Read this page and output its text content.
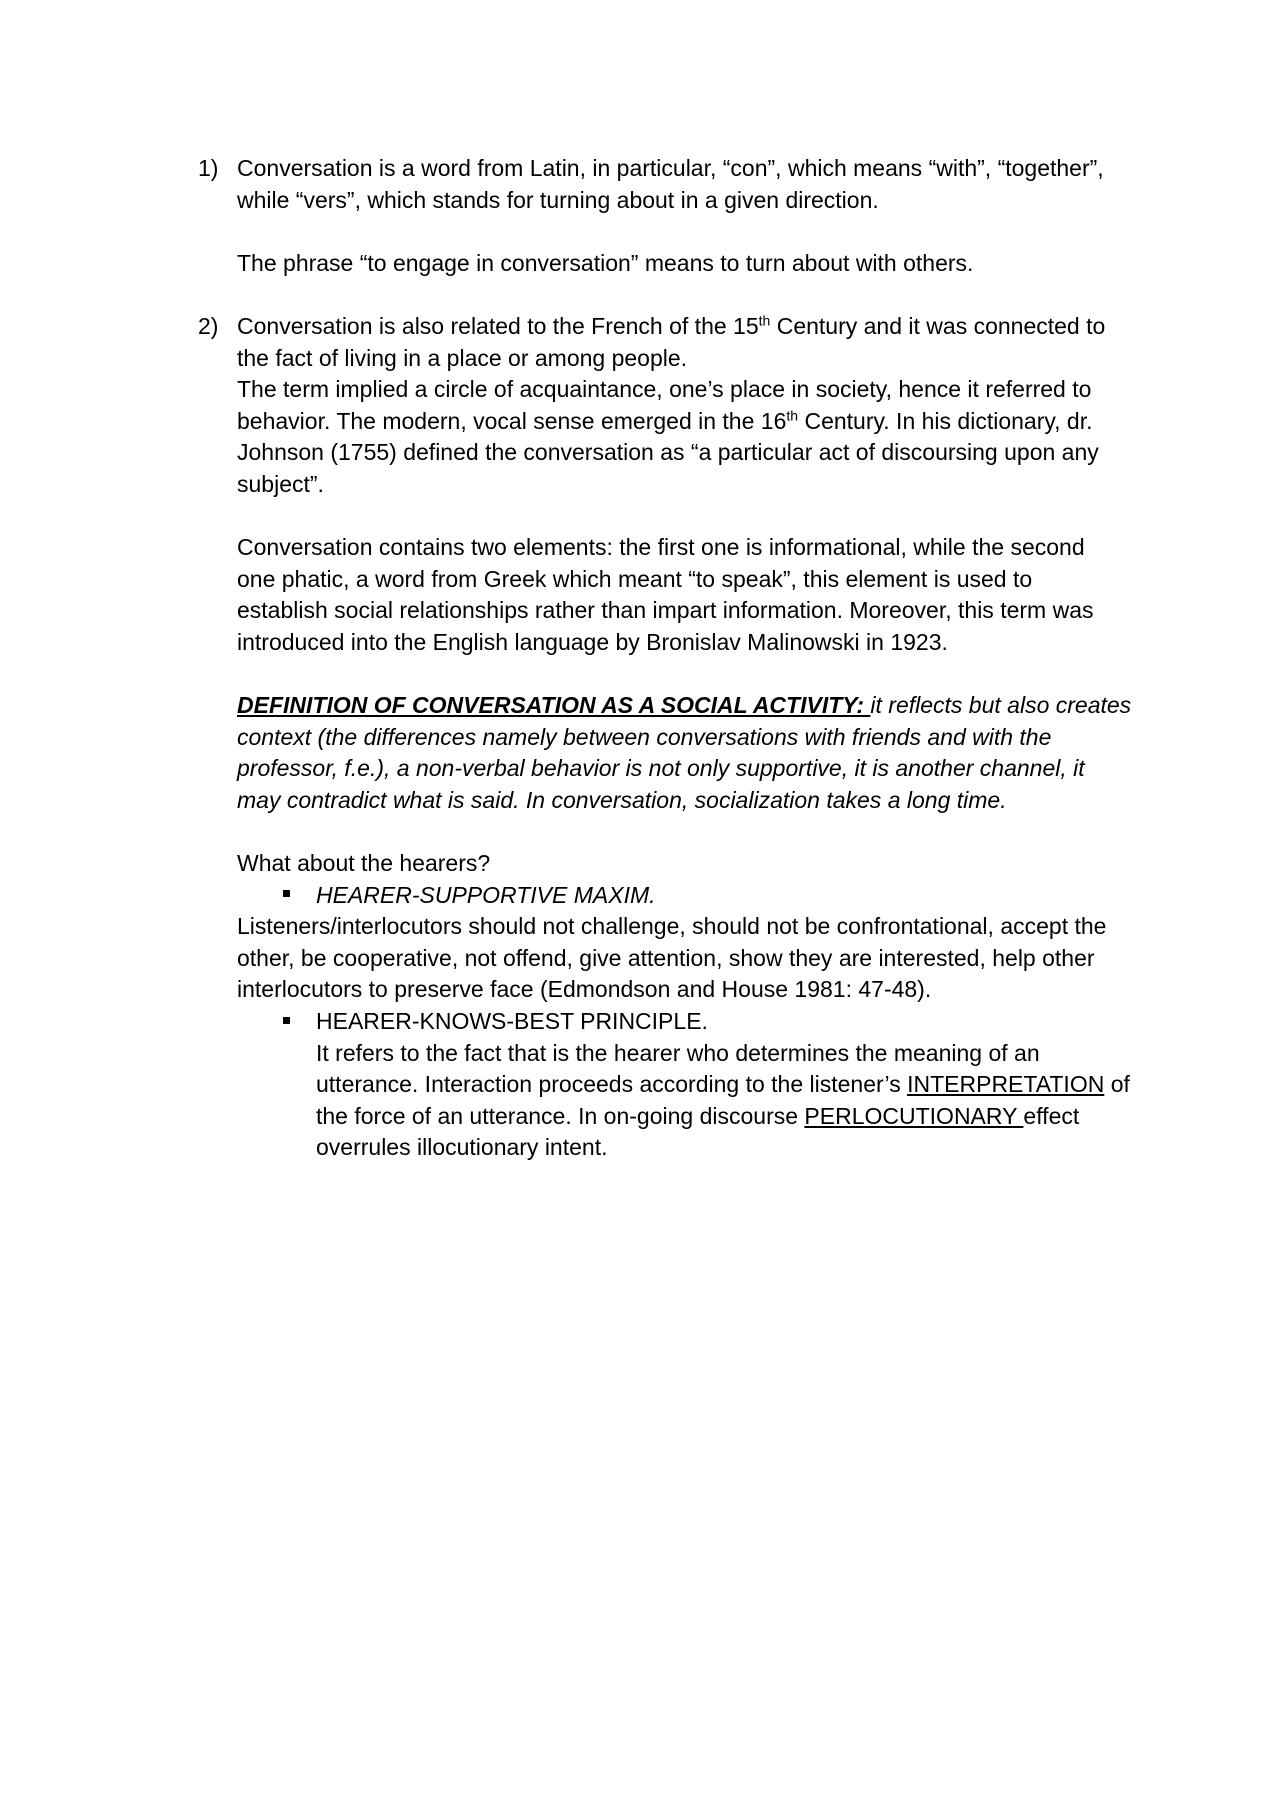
1) Conversation is a word from Latin, in particular, “con”, which means “with”, “together”,

while “vers”, which stands for turning about in a given direction.

The phrase “to engage in conversation” means to turn about with others.

2) Conversation is also related to the French of the 15th Century and it was connected to

the fact of living in a place or among people.

The term implied a circle of acquaintance, one’s place in society, hence it referred to

behavior. The modern, vocal sense emerged in the 16th Century. In his dictionary, dr.

Johnson (1755) defined the conversation as “a particular act of discoursing upon any

subject”.

Conversation contains two elements: the first one is informational, while the second

one phatic, a word from Greek which meant “to speak”, this element is used to

establish social relationships rather than impart information. Moreover, this term was

introduced into the English language by Bronislav Malinowski in 1923.

DEFINITION OF CONVERSATION AS A SOCIAL ACTIVITY: it reflects but also creates

context (the differences namely between conversations with friends and with the

professor, f.e.), a non-verbal behavior is not only supportive, it is another channel, it

may contradict what is said. In conversation, socialization takes a long time.

What about the hearers?

HEARER-SUPPORTIVE MAXIM.

Listeners/interlocutors should not challenge, should not be confrontational, accept the

other, be cooperative, not offend, give attention, show they are interested, help other

interlocutors to preserve face (Edmondson and House 1981: 47-48).

HEARER-KNOWS-BEST PRINCIPLE.

It refers to the fact that is the hearer who determines the meaning of an

utterance. Interaction proceeds according to the listener’s INTERPRETATION of

the force of an utterance. In on-going discourse PERLOCUTIONARY effect

overrules illocutionary intent.
